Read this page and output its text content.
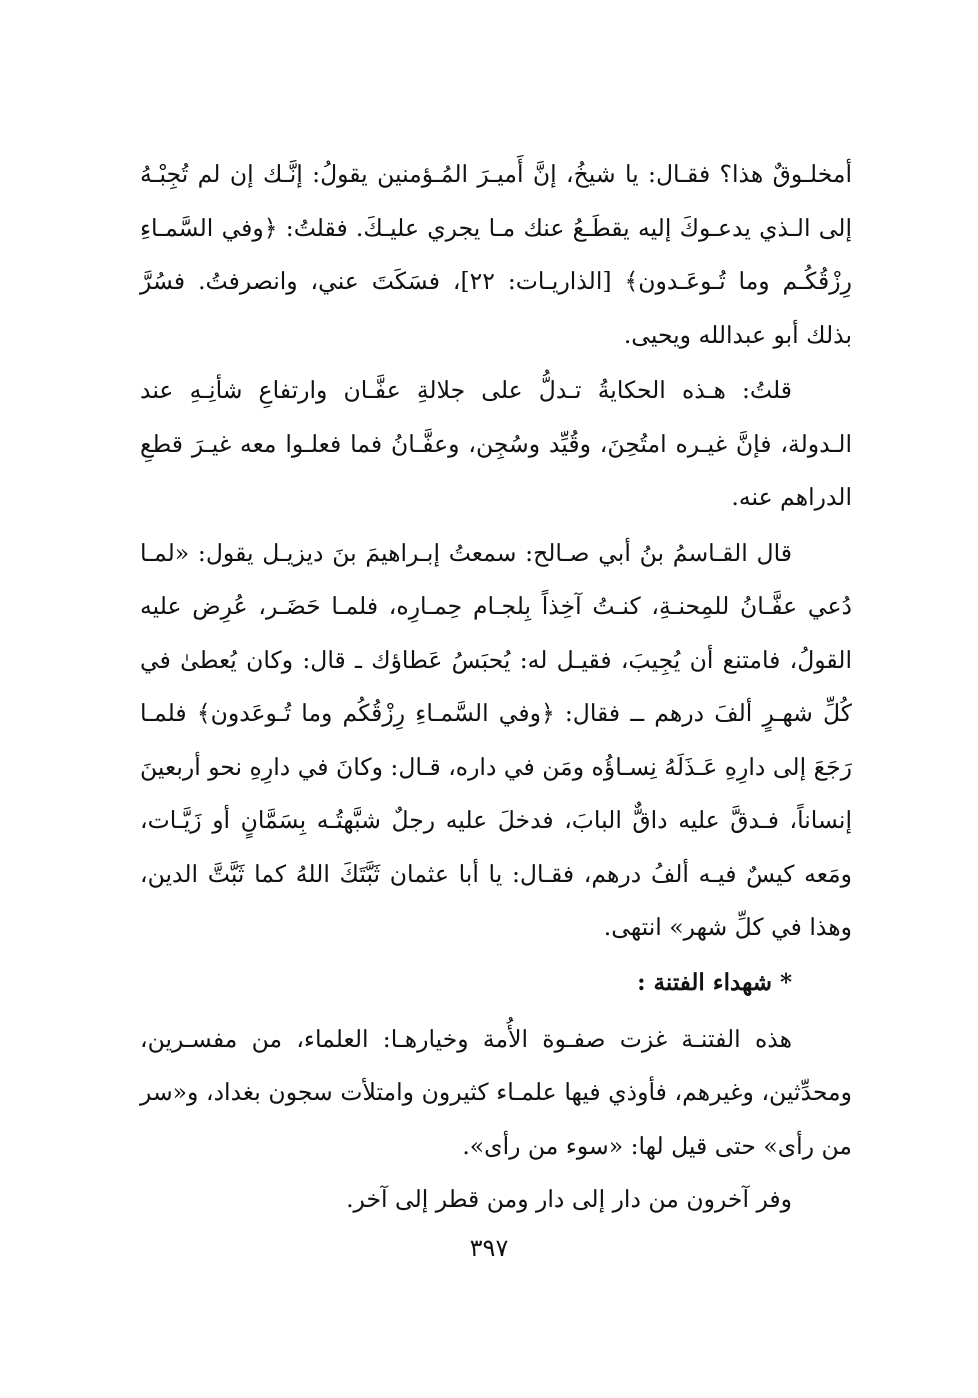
أمخلـوقٌ هذا؟ فقـال: يا شيخُ، إنَّ أَميـرَ المُـؤمنين يقولُ: إنَّـك إن لم تُجِبْـهُ إلى الـذي يدعـوكَ إليه يقطَـعُ عنك مـا يجري عليـكَ. فقلتُ: ﴿وفي السَّمـاءِ رِزْقُكُـم وما تُـوعَـدون﴾ [الذاريـات: ٢٢]، فسَكَتَ عني، وانصرفتُ. فسُرَّ بذلك أبو عبدالله ويحيى.

قلتُ: هـذه الحكايةُ تـدلُّ على جلالةِ عفَّـان وارتفاعِ شأنِـهِ عند الـدولة، فإنَّ غيـره امتُحِنَ، وقُيِّد وسُجِن، وعفَّـانُ فما فعلـوا معه غيـرَ قطعِ الدراهم عنه.

قال القـاسمُ بنُ أبي صـالح: سمعتُ إبـراهيمَ بنَ ديزيـل يقول: «لمـا دُعي عفَّـانُ للمِحنـةِ، كنـتُ آخِذاً بِلجـام حِمـارِه، فلمـا حَضَـر، عُرِض عليه القولُ، فامتنع أن يُجِيبَ، فقيـل له: يُحبَسُ عَطاؤك ـ قال: وكان يُعطىٰ في كُلِّ شهـرٍ ألفَ درهم ــ فقال: ﴿وفي السَّمـاءِ رِزْقُكُم وما تُـوعَدون﴾ فلمـا رَجَعَ إلى دارِهِ عَـذَلَهُ نِسـاؤُه ومَن في داره، قـال: وكانَ في دارِهِ نحو أربعينَ إنساناً، فـدقَّ عليه داقٌّ البابَ، فدخلَ عليه رجلٌ شبَّهتُـه بِسَمَّانٍ أو زَيَّـات، ومَعه كيسٌ فيـه ألفُ درهم، فقـال: يا أبا عثمان ثَبَّتَكَ اللهُ كما ثَبَّتَّ الدين، وهذا في كلِّ شهر» انتهى.

*شهداء الفتنة :

هذه الفتنـة غزت صفـوة الأُمة وخيارهـا: العلماء، من مفسـرين، ومحدِّثين، وغيرهم، فأوذي فيها علمـاء كثيرون وامتلأت سجون بغداد، و«سر من رأى» حتى قيل لها: «سوء من رأى».

وفر آخرون من دار إلى دار ومن قطر إلى آخر.

٣٩٧
